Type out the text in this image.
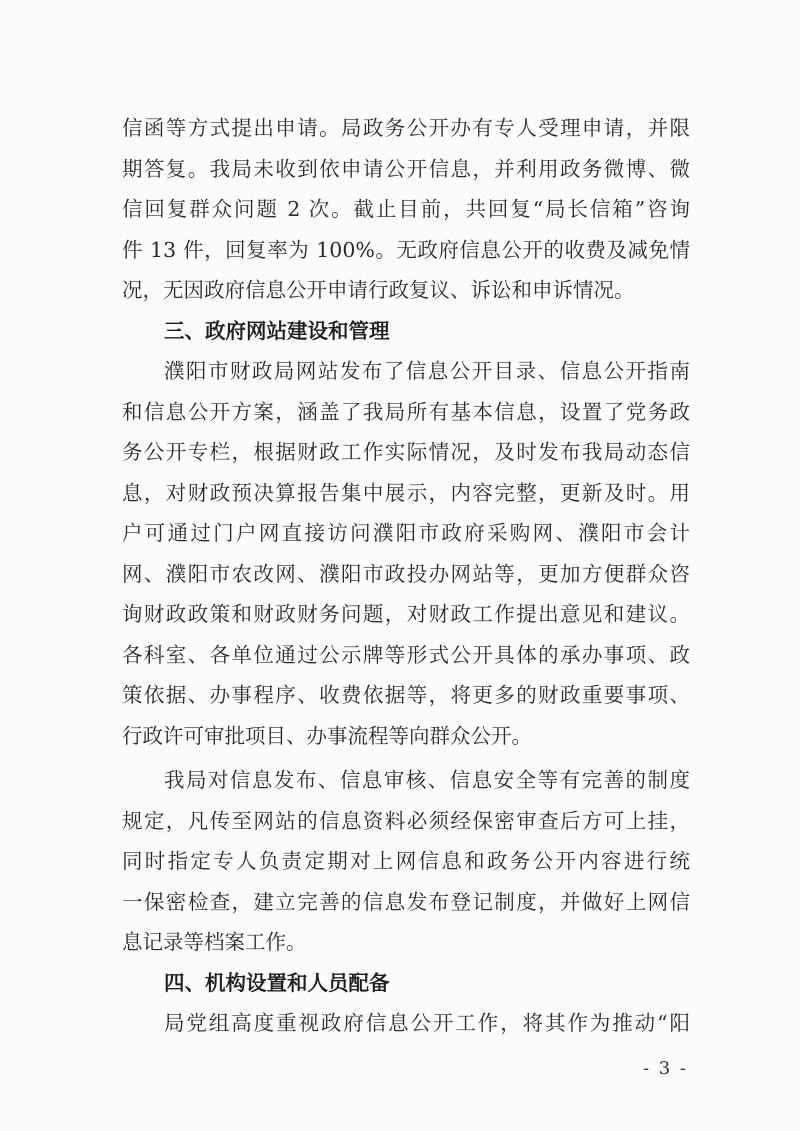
信函等方式提出申请。局政务公开办有专人受理申请，并限
期答复。我局未收到依申请公开信息，并利用政务微博、微
信回复群众问题 2 次。截止目前，共回复“局长信箱”咨询
件 13 件，回复率为 100%。无政府信息公开的收费及减免情
况，无因政府信息公开申请行政复议、诉讼和申诉情况。
三、政府网站建设和管理
濮阳市财政局网站发布了信息公开目录、信息公开指南
和信息公开方案，涵盖了我局所有基本信息，设置了党务政
务公开专栏，根据财政工作实际情况，及时发布我局动态信
息，对财政预决算报告集中展示，内容完整，更新及时。用
户可通过门户网直接访问濮阳市政府采购网、濮阳市会计
网、濮阳市农改网、濮阳市政投办网站等，更加方便群众咨
询财政政策和财政财务问题，对财政工作提出意见和建议。
各科室、各单位通过公示牌等形式公开具体的承办事项、政
策依据、办事程序、收费依据等，将更多的财政重要事项、
行政许可审批项目、办事流程等向群众公开。
我局对信息发布、信息审核、信息安全等有完善的制度
规定，凡传至网站的信息资料必须经保密审查后方可上挂，
同时指定专人负责定期对上网信息和政务公开内容进行统
一保密检查，建立完善的信息发布登记制度，并做好上网信
息记录等档案工作。
四、机构设置和人员配备
局党组高度重视政府信息公开工作，将其作为推动“阳
- 3 -
